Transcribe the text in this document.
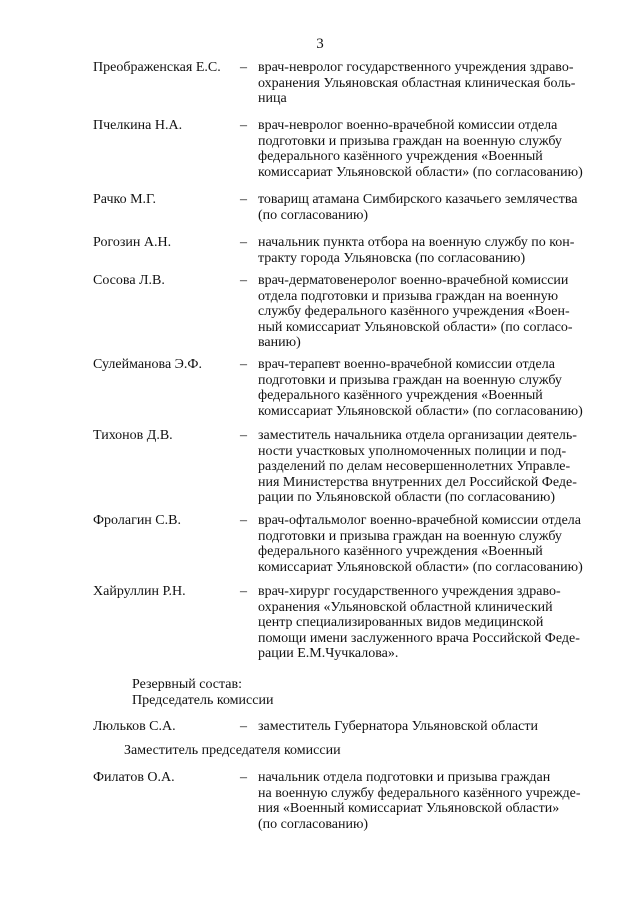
3
Преображенская Е.С. – врач-невролог государственного учреждения здраво-
охранения Ульяновская областная клиническая боль-
ница
Пчелкина Н.А.	– врач-невролог военно-врачебной комиссии отдела
подготовки и призыва граждан на военную службу
федерального казённого учреждения «Военный
комиссариат Ульяновской области» (по согласованию)
Рачко М.Г.	– товарищ атамана Симбирского казачьего землячества
(по согласованию)
Рогозин А.Н.	– начальник пункта отбора на военную службу по кон-
тракту города Ульяновска (по согласованию)
Сосова Л.В.	– врач-дерматовенеролог военно-врачебной комиссии
отдела подготовки и призыва граждан на военную
службу федерального казённого учреждения «Воен-
ный комиссариат Ульяновской области» (по согласо-
ванию)
Сулейманова Э.Ф.	– врач-терапевт военно-врачебной комиссии отдела
подготовки и призыва граждан на военную службу
федерального казённого учреждения «Военный
комиссариат Ульяновской области» (по согласованию)
Тихонов Д.В.	– заместитель начальника отдела организации деятель-
ности участковых уполномоченных полиции и под-
разделений по делам несовершеннолетних Управле-
ния Министерства внутренних дел Российской Феде-
рации по Ульяновской области (по согласованию)
Фролагин С.В.	– врач-офтальмолог военно-врачебной комиссии отдела
подготовки и призыва граждан на военную службу
федерального казённого учреждения «Военный
комиссариат Ульяновской области» (по согласованию)
Хайруллин Р.Н.	– врач-хирург государственного учреждения здраво-
охранения «Ульяновской областной клинический
центр специализированных видов медицинской
помощи имени заслуженного врача Российской Феде-
рации Е.М.Чучкалова».
Резервный состав:
Председатель комиссии
Люльков С.А.	– заместитель Губернатора Ульяновской области
Заместитель председателя комиссии
Филатов О.А.	– начальник отдела подготовки и призыва граждан
на военную службу федерального казённого учрежде-
ния «Военный комиссариат Ульяновской области»
(по согласованию)
